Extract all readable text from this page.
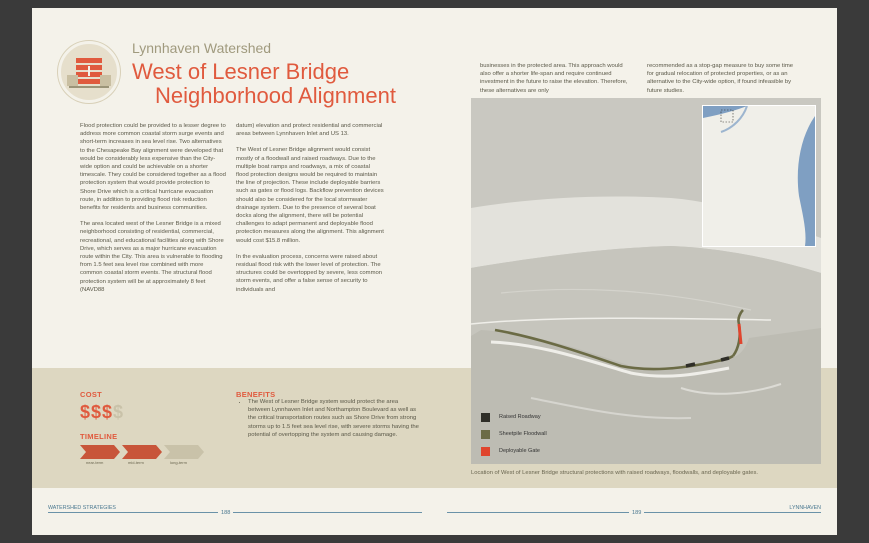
Lynnhaven Watershed
West of Lesner Bridge
Neighborhood Alignment

Flood protection could be provided to a lesser degree to address more common coastal storm surge events and short-term increases in sea level rise. Two alternatives to the Chesapeake Bay alignment were developed that would be considerably less expensive than the City-wide option and could be achievable on a shorter timescale. They could be considered together as a flood protection system that would provide protection to Shore Drive which is a critical hurricane evacuation route, in addition to providing flood risk reduction benefits for residents and business communities.

The area located west of the Lesner Bridge is a mixed neighborhood consisting of residential, commercial, recreational, and educational facilities along with Shore Drive, which serves as a major hurricane evacuation route within the City. This area is vulnerable to flooding from 1.5 feet sea level rise combined with more common coastal storm events. The structural flood protection system will be at approximately 8 feet (NAVD88

datum) elevation and protect residential and commercial areas between Lynnhaven Inlet and US 13.

The West of Lesner Bridge alignment would consist mostly of a floodwall and raised roadways. Due to the multiple boat ramps and roadways, a mix of coastal flood protection designs would be required to maintain the line of projection. These include deployable barriers such as gates or flood logs. Backflow prevention devices should also be considered for the local stormwater drainage system. Due to the presence of several boat docks along the alignment, there will be potential challenges to adapt permanent and deployable flood protection measures along the alignment. This alignment would cost $15.8 million.

In the evaluation process, concerns were raised about residual flood risk with the lower level of protection. The structures could be overtopped by severe, less common storm events, and offer a false sense of security to individuals and

businesses in the protected area. This approach would also offer a shorter life-span and require continued investment in the future to raise the elevation. Therefore, these alternatives are only

recommended as a stop-gap measure to buy some time for gradual relocation of protected properties, or as an alternative to the City-wide option, if found infeasible by future studies.

COST
$$$$
TIMELINE
near-term	mid-term	long-term
BENEFITS
• The West of Lesner Bridge system would protect the area between Lynnhaven Inlet and Northampton Boulevard as well as the critical transportation routes such as Shore Drive from strong storms up to 1.5 feet sea level rise, with severe storms having the potential of overtopping the system and causing damage.
Raised Roadway
Sheetpile Floodwall
Deployable Gate
Location of West of Lesner Bridge structural protections with raised roadways, floodwalls, and deployable gates.
WATERSHED STRATEGIES
188	189
LYNNHAVEN
